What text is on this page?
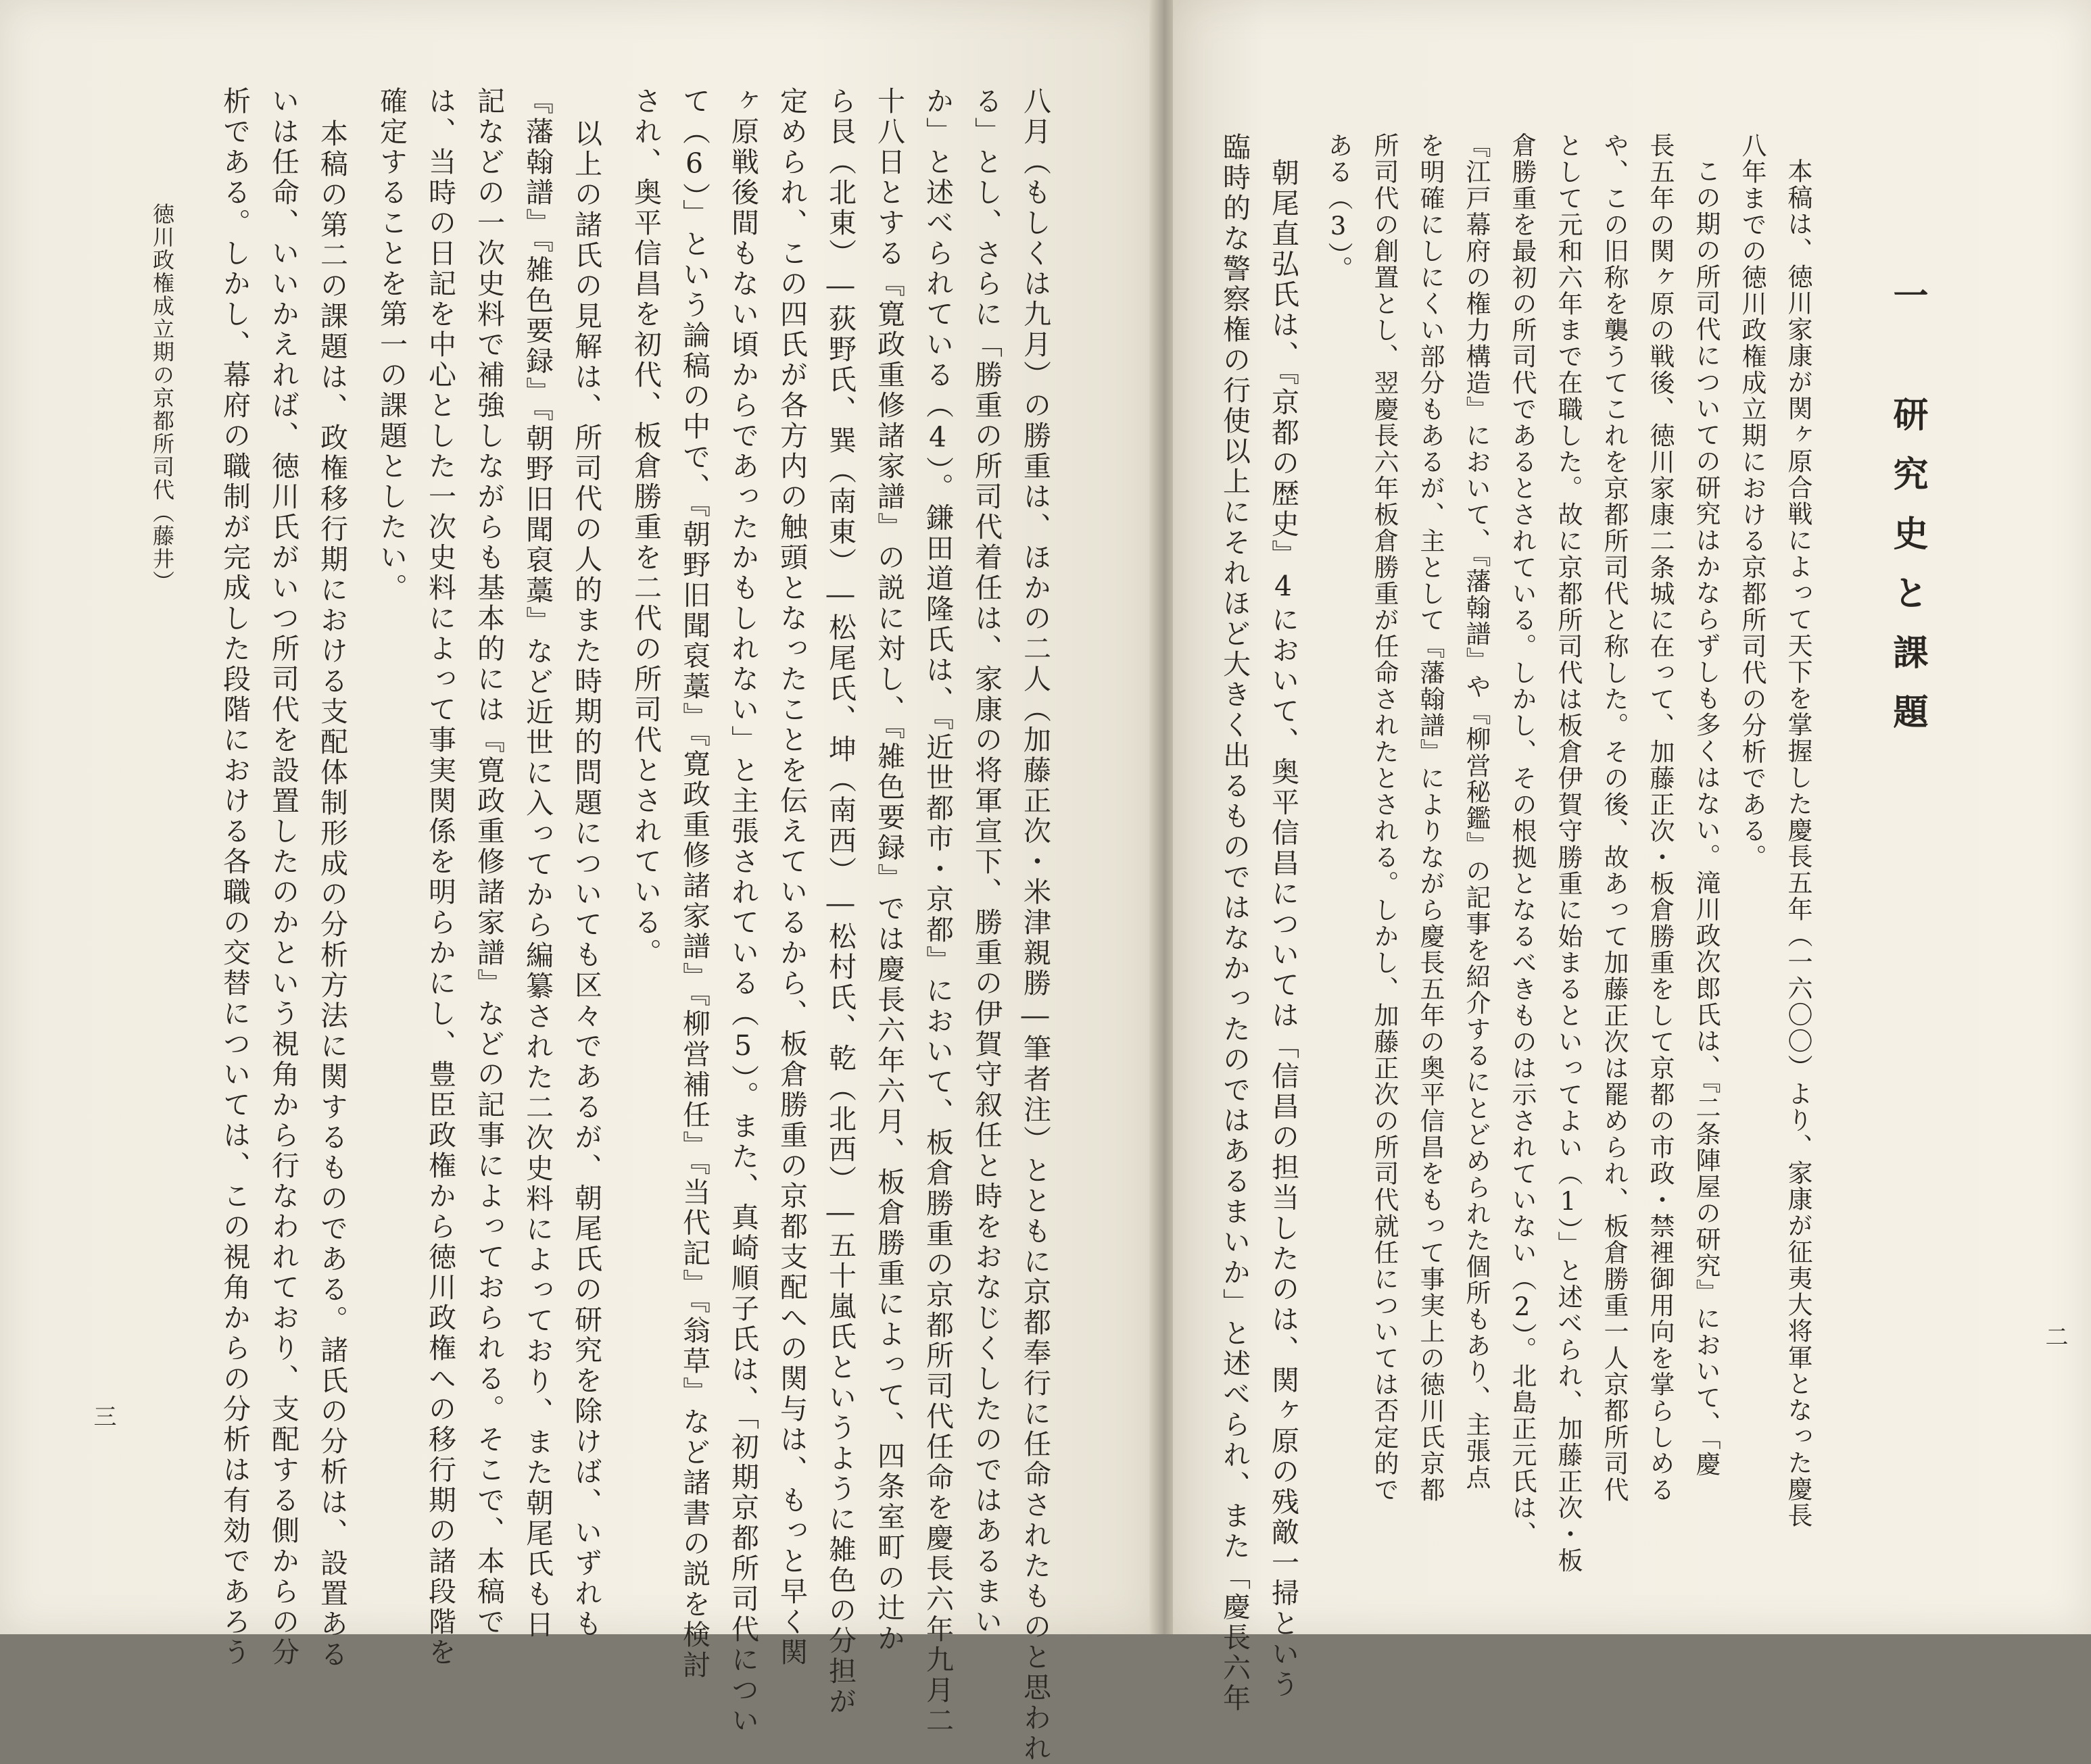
八月（もしくは九月）の勝重は、ほかの二人（加藤正次・米津親勝―筆者注）とともに京都奉行に任命されたものと思われ
る」とし、さらに「勝重の所司代着任は、家康の将軍宣下、勝重の伊賀守叙任と時をおなじくしたのではあるまい
か」と述べられている（4）。鎌田道隆氏は、『近世都市・京都』において、板倉勝重の京都所司代任命を慶長六年九月二
十八日とする『寛政重修諸家譜』の説に対し、『雑色要録』では慶長六年六月、板倉勝重によって、四条室町の辻か
ら艮（北東）―荻野氏、巽（南東）―松尾氏、坤（南西）―松村氏、乾（北西）―五十嵐氏というように雑色の分担が
定められ、この四氏が各方内の触頭となったことを伝えているから、板倉勝重の京都支配への関与は、もっと早く関
ヶ原戦後間もない頃からであったかもしれない」と主張されている（5）。また、真崎順子氏は、「初期京都所司代につい
て（6）」という論稿の中で、『朝野旧聞裒藁』『寛政重修諸家譜』『柳営補任』『当代記』『翁草』など諸書の説を検討
され、奥平信昌を初代、板倉勝重を二代の所司代とされている。
以上の諸氏の見解は、所司代の人的また時期的問題についても区々であるが、朝尾氏の研究を除けば、いずれも
『藩翰譜』『雑色要録』『朝野旧聞裒藁』など近世に入ってから編纂された二次史料によっており、また朝尾氏も日
記などの一次史料で補強しながらも基本的には『寛政重修諸家譜』などの記事によっておられる。そこで、本稿で
は、当時の日記を中心とした一次史料によって事実関係を明らかにし、豊臣政権から徳川政権への移行期の諸段階を
確定することを第一の課題としたい。
本稿の第二の課題は、政権移行期における支配体制形成の分析方法に関するものである。諸氏の分析は、設置ある
いは任命、いいかえれば、徳川氏がいつ所司代を設置したのかという視角から行なわれており、支配する側からの分
析である。しかし、幕府の職制が完成した段階における各職の交替については、この視角からの分析は有効であろう
徳川政権成立期の京都所司代（藤井）
三
一　研究史と課題
本稿は、徳川家康が関ヶ原合戦によって天下を掌握した慶長五年（一六〇〇）より、家康が征夷大将軍となった慶長
八年までの徳川政権成立期における京都所司代の分析である。
この期の所司代についての研究はかならずしも多くはない。滝川政次郎氏は、『二条陣屋の研究』において、「慶
長五年の関ヶ原の戦後、徳川家康二条城に在って、加藤正次・板倉勝重をして京都の市政・禁裡御用向を掌らしめる
や、この旧称を襲うてこれを京都所司代と称した。その後、故あって加藤正次は罷められ、板倉勝重一人京都所司代
として元和六年まで在職した。故に京都所司代は板倉伊賀守勝重に始まるといってよい（1）」と述べられ、加藤正次・板
倉勝重を最初の所司代であるとされている。しかし、その根拠となるべきものは示されていない（2）。北島正元氏は、
『江戸幕府の権力構造』において、『藩翰譜』や『柳営秘鑑』の記事を紹介するにとどめられた個所もあり、主張点
を明確にしにくい部分もあるが、主として『藩翰譜』によりながら慶長五年の奥平信昌をもって事実上の徳川氏京都
所司代の創置とし、翌慶長六年板倉勝重が任命されたとされる。しかし、加藤正次の所司代就任については否定的で
ある（3）。
朝尾直弘氏は、『京都の歴史』4において、奥平信昌については「信昌の担当したのは、関ヶ原の残敵一掃という
臨時的な警察権の行使以上にそれほど大きく出るものではなかったのではあるまいか」と述べられ、また「慶長六年	二
